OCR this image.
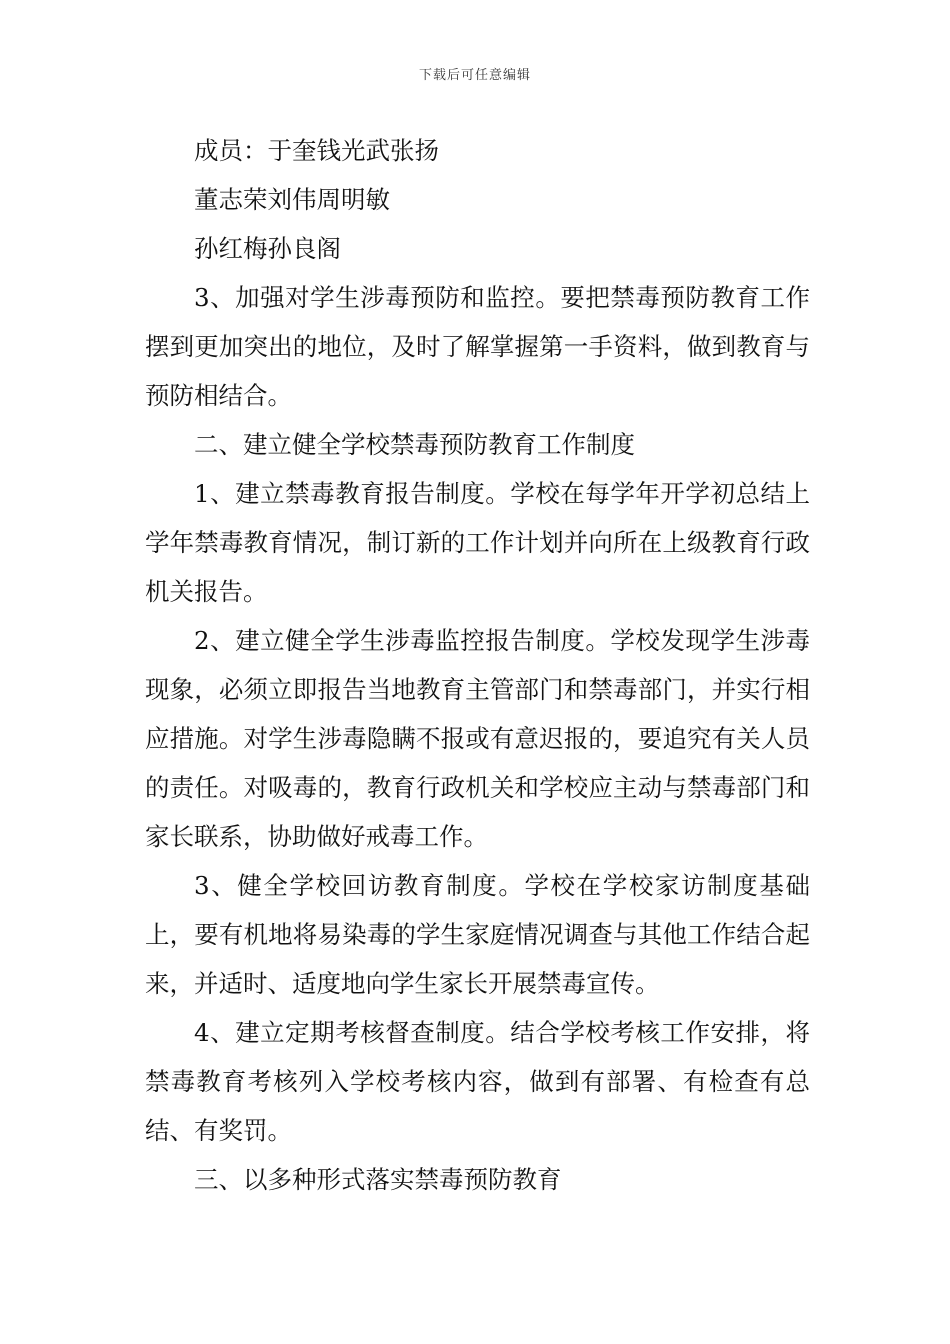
下载后可任意编辑

成员：于奎钱光武张扬

董志荣刘伟周明敏

孙红梅孙良阁

3、加强对学生涉毒预防和监控。要把禁毒预防教育工作摆到更加突出的地位，及时了解掌握第一手资料，做到教育与预防相结合。

二、建立健全学校禁毒预防教育工作制度

1、建立禁毒教育报告制度。学校在每学年开学初总结上学年禁毒教育情况，制订新的工作计划并向所在上级教育行政机关报告。

2、建立健全学生涉毒监控报告制度。学校发现学生涉毒现象，必须立即报告当地教育主管部门和禁毒部门，并实行相应措施。对学生涉毒隐瞒不报或有意迟报的，要追究有关人员的责任。对吸毒的，教育行政机关和学校应主动与禁毒部门和家长联系，协助做好戒毒工作。

3、健全学校回访教育制度。学校在学校家访制度基础上，要有机地将易染毒的学生家庭情况调查与其他工作结合起来，并适时、适度地向学生家长开展禁毒宣传。

4、建立定期考核督查制度。结合学校考核工作安排，将禁毒教育考核列入学校考核内容，做到有部署、有检查有总结、有奖罚。

三、以多种形式落实禁毒预防教育
